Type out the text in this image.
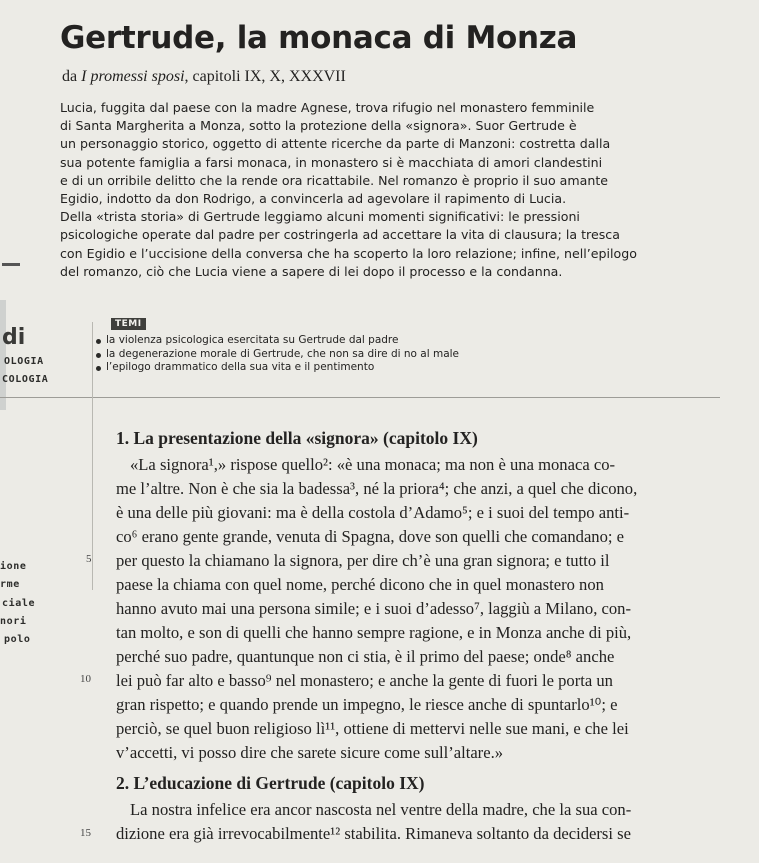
Gertrude, la monaca di Monza
da I promessi sposi, capitoli IX, X, XXXVII
Lucia, fuggita dal paese con la madre Agnese, trova rifugio nel monastero femminile
di Santa Margherita a Monza, sotto la protezione della «signora». Suor Gertrude è
un personaggio storico, oggetto di attente ricerche da parte di Manzoni: costretta dalla
sua potente famiglia a farsi monaca, in monastero si è macchiata di amori clandestini
e di un orribile delitto che la rende ora ricattabile. Nel romanzo è proprio il suo amante
Egidio, indotto da don Rodrigo, a convincerla ad agevolare il rapimento di Lucia.
Della «trista storia» di Gertrude leggiamo alcuni momenti significativi: le pressioni
psicologiche operate dal padre per costringerla ad accettare la vita di clausura; la tresca
con Egidio e l’uccisione della conversa che ha scoperto la loro relazione; infine, nell’epilogo
del romanzo, ciò che Lucia viene a sapere di lei dopo il processo e la condanna.
di
OLOGIA
COLOGIA
TEMI
la violenza psicologica esercitata su Gertrude dal padre
la degenerazione morale di Gertrude, che non sa dire di no al male
l’epilogo drammatico della sua vita e il pentimento
ione
rme
ciale
nori
polo
1. La presentazione della «signora» (capitolo IX)
«La signora¹,» rispose quello²: «è una monaca; ma non è una monaca co-
me l’altre. Non è che sia la badessa³, né la priora⁴; che anzi, a quel che dicono,
è una delle più giovani: ma è della costola d’Adamo⁵; e i suoi del tempo anti-
co⁶ erano gente grande, venuta di Spagna, dove son quelli che comandano; e
per questo la chiamano la signora, per dire ch’è una gran signora; e tutto il
paese la chiama con quel nome, perché dicono che in quel monastero non
hanno avuto mai una persona simile; e i suoi d’adesso⁷, laggiù a Milano, con-
tan molto, e son di quelli che hanno sempre ragione, e in Monza anche di più,
perché suo padre, quantunque non ci stia, è il primo del paese; onde⁸ anche
lei può far alto e basso⁹ nel monastero; e anche la gente di fuori le porta un
gran rispetto; e quando prende un impegno, le riesce anche di spuntarlo¹⁰; e
perciò, se quel buon religioso lì¹¹, ottiene di mettervi nelle sue mani, e che lei
v’accetti, vi posso dire che sarete sicure come sull’altare.»
5
10
2. L’educazione di Gertrude (capitolo IX)
La nostra infelice era ancor nascosta nel ventre della madre, che la sua con-
dizione era già irrevocabilmente¹² stabilita. Rimaneva soltanto da decidersi se
15
